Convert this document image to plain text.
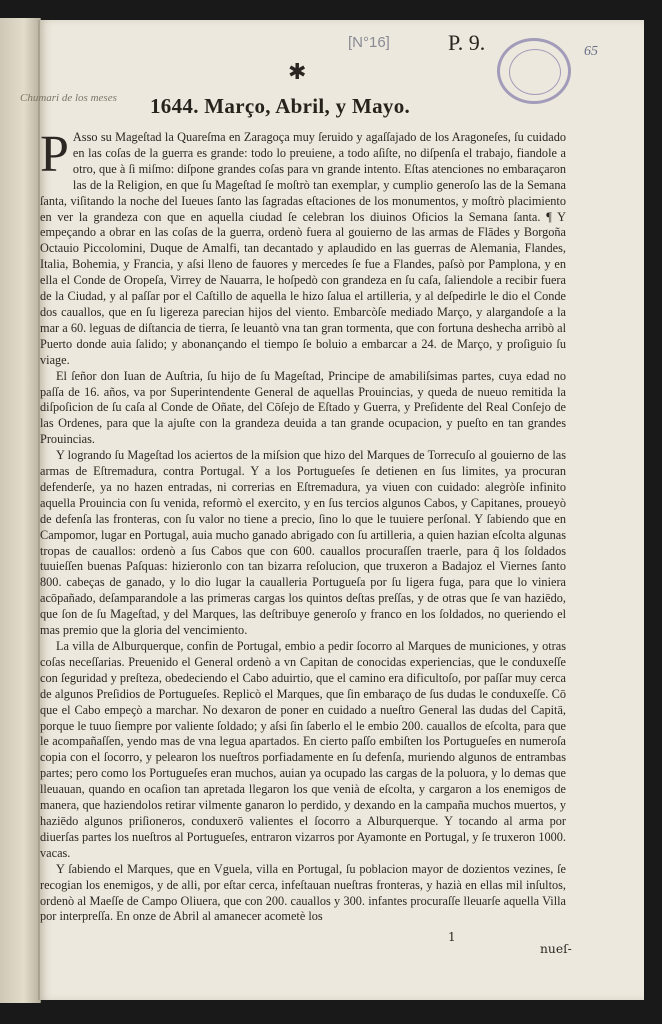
[N°16]	P. 9.	65
✱
Chumari de los meses 1644. Março, Abril, y Mayo.

P Asso su Mageſtad la Quareſma en Zaragoça muy ſeruido y agaſſajado de los Aragoneſes, ſu cuidado en las coſas de la guerra es grande: todo lo preuiene, a todo aſiſte, no diſpenſa el trabajo, fiandole a otro, que à ſi miſmo: diſpone grandes coſas para vn grande intento. Eſtas atenciones no embaraçaron las de la Religion, en que ſu Mageſtad ſe moſtrò tan exemplar, y cumplio generoſo las de la Semana ſanta, viſitando la noche del Iueues ſanto las ſagradas eſtaciones de los monumentos, y moſtrò placimiento en ver la grandeza con que en aquella ciudad ſe celebran los diuinos Oficios la Semana ſanta. ¶ Y empeçando a obrar en las coſas de la guerra, ordenò fuera al gouierno de las armas de Flādes y Borgoña Octauio Piccolomini, Duque de Amalfi, tan decantado y aplaudido en las guerras de Alemania, Flandes, Italia, Bohemia, y Francia, y aſsi lleno de fauores y mercedes ſe fue a Flandes, paſsò por Pamplona, y en ella el Conde de Oropeſa, Virrey de Nauarra, le hoſpedò con grandeza en ſu caſa, ſaliendole a recibir fuera de la Ciudad, y al paſſar por el Caſtillo de aquella le hizo ſalua el artilleria, y al deſpedirle le dio el Conde dos cauallos, que en ſu ligereza parecian hijos del viento. Embarcòſe mediado Março, y alargandoſe a la mar a 60. leguas de diſtancia de tierra, ſe leuantò vna tan gran tormenta, que con fortuna deshecha arribò al Puerto donde auia ſalido; y abonançando el tiempo ſe boluio a embarcar a 24. de Março, y proſiguio ſu viage.

El ſeñor don Iuan de Auſtria, ſu hijo de ſu Mageſtad, Principe de amabiliſsimas partes, cuya edad no paſſa de 16. años, va por Superintendente General de aquellas Prouincias, y queda de nueuo remitida la diſpoſicion de ſu caſa al Conde de Oñate, del Cōſejo de Eſtado y Guerra, y Preſidente del Real Conſejo de las Ordenes, para que la ajuſte con la grandeza deuida a tan grande ocupacion, y pueſto en tan grandes Prouincias.

Y logrando ſu Mageſtad los aciertos de la miſsion que hizo del Marques de Torrecuſo al gouierno de las armas de Eſtremadura, contra Portugal. Y a los Portugueſes ſe detienen en ſus limites, ya procuran defenderſe, ya no hazen entradas, ni correrias en Eſtremadura, ya viuen con cuidado: alegròſe infinito aquella Prouincia con ſu venida, reformò el exercito, y en ſus tercios algunos Cabos, y Capitanes, proueyò de defenſa las fronteras, con ſu valor no tiene a precio, ſino lo que le tuuiere perſonal. Y ſabiendo que en Campomor, lugar en Portugal, auia mucho ganado abrigado con ſu artilleria, a quien hazian eſcolta algunas tropas de cauallos: ordenò a ſus Cabos que con 600. cauallos procuraſſen traerle, para q̃ los ſoldados tuuieſſen buenas Paſquas: hizieronlo con tan bizarra reſolucion, que truxeron a Badajoz el Viernes ſanto 800. cabeças de ganado, y lo dio lugar la caualleria Portugueſa por ſu ligera fuga, para que lo viniera acōpañado, deſamparandole a las primeras cargas los quintos deſtas preſſas, y de otras que ſe van haziēdo, que ſon de ſu Mageſtad, y del Marques, las deſtribuye generoſo y franco en los ſoldados, no queriendo el mas premio que la gloria del vencimiento.

La villa de Alburquerque, confin de Portugal, embio a pedir ſocorro al Marques de municiones, y otras coſas neceſſarias. Preuenido el General ordenò a vn Capitan de conocidas experiencias, que le conduxeſſe con ſeguridad y preſteza, obedeciendo el Cabo aduirtio, que el camino era dificultoſo, por paſſar muy cerca de algunos Preſidios de Portugueſes. Replicò el Marques, que ſin embaraço de ſus dudas le conduxeſſe. Cō que el Cabo empeçò a marchar. No dexaron de poner en cuidado a nueſtro General las dudas del Capitā, porque le tuuo ſiempre por valiente ſoldado; y aſsi ſin ſaberlo el le embio 200. cauallos de eſcolta, para que le acompañaſſen, yendo mas de vna legua apartados. En cierto paſſo embiſten los Portugueſes en numeroſa copia con el ſocorro, y pelearon los nueſtros porfiadamente en ſu defenſa, muriendo algunos de entrambas partes; pero como los Portugueſes eran muchos, auian ya ocupado las cargas de la poluora, y lo demas que lleuauan, quando en ocaſion tan apretada llegaron los que venià de eſcolta, y cargaron a los enemigos de manera, que haziendolos retirar vilmente ganaron lo perdido, y dexando en la campaña muchos muertos, y haziēdo algunos priſioneros, conduxerō valientes el ſocorro a Alburquerque. Y tocando al arma por diuerſas partes los nueſtros al Portugueſes, entraron vizarros por Ayamonte en Portugal, y ſe truxeron 1000. vacas.

Y ſabiendo el Marques, que en Vguela, villa en Portugal, ſu poblacion mayor de dozientos vezines, ſe recogian los enemigos, y de alli, por eſtar cerca, infeſtauan nueſtras fronteras, y hazià en ellas mil inſultos, ordenò al Maeſſe de Campo Oliuera, que con 200. cauallos y 300. infantes procuraſſe lleuarſe aquella Villa por interpreſſa. En onze de Abril al amanecer acometè los

1
nueſ-
